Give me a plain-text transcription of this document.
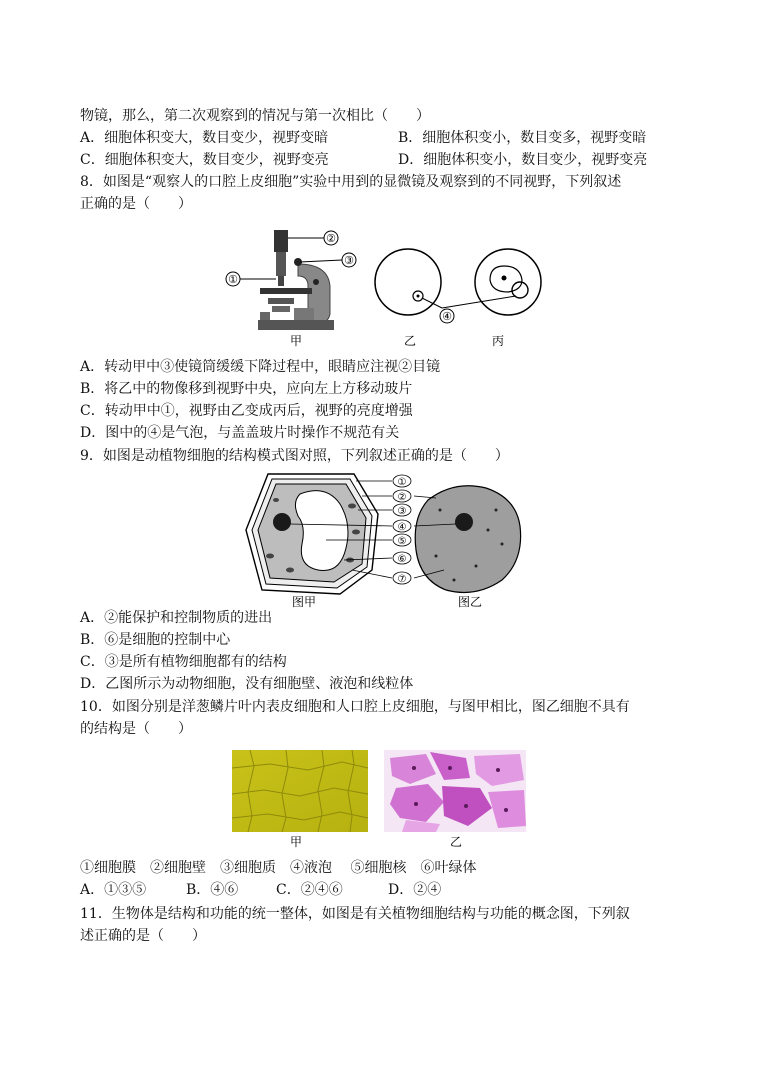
物镜，那么，第二次观察到的情况与第一次相比（　　）
A．细胞体积变大，数目变少，视野变暗	B．细胞体积变小，数目变多，视野变暗
C．细胞体积变大，数目变少，视野变亮	D．细胞体积变小，数目变少，视野变亮
8．如图是“观察人的口腔上皮细胞”实验中用到的显微镜及观察到的不同视野，下列叙述
正确的是（　　）
②
③
①
④
甲	乙	丙
A．转动甲中③使镜筒缓缓下降过程中，眼睛应注视②目镜
B．将乙中的物像移到视野中央，应向左上方移动玻片
C．转动甲中①，视野由乙变成丙后，视野的亮度增强
D．图中的④是气泡，与盖盖玻片时操作不规范有关
9．如图是动植物细胞的结构模式图对照，下列叙述正确的是（　　）
①
②
③
④
⑤
⑥
⑦
图甲	图乙
A．②能保护和控制物质的进出
B．⑥是细胞的控制中心
C．③是所有植物细胞都有的结构
D．乙图所示为动物细胞，没有细胞壁、液泡和线粒体
10．如图分别是洋葱鳞片叶内表皮细胞和人口腔上皮细胞，与图甲相比，图乙细胞不具有
的结构是（　　）
甲	乙
①细胞膜　②细胞壁　③细胞质　④液泡　 ⑤细胞核　⑥叶绿体
A．①③⑤	B．④⑥	C．②④⑥	D．②④
11．生物体是结构和功能的统一整体，如图是有关植物细胞结构与功能的概念图，下列叙
述正确的是（　　）
